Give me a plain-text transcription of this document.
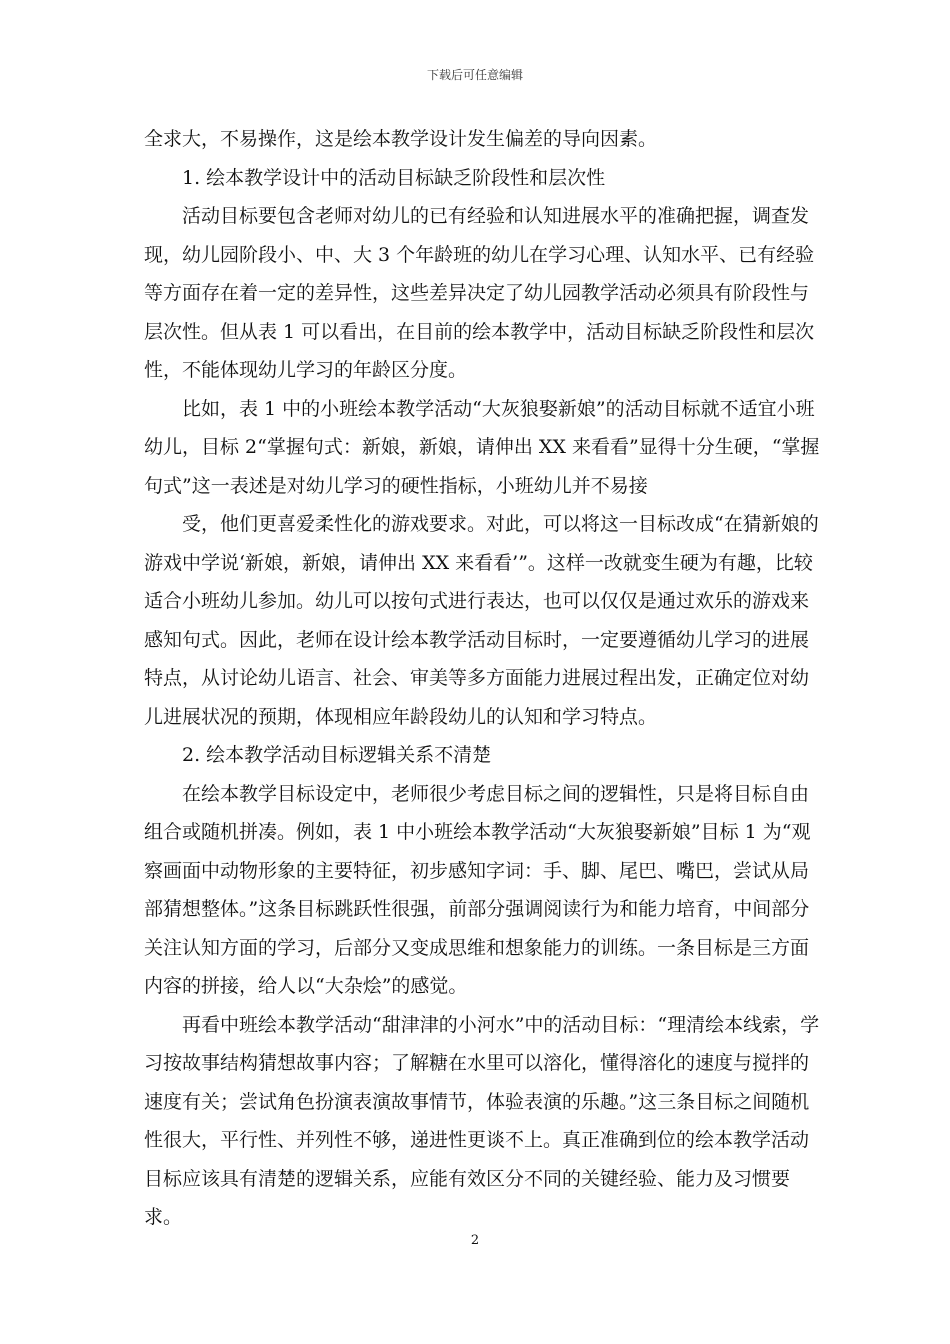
下载后可任意编辑

全求大，不易操作，这是绘本教学设计发生偏差的导向因素。

1. 绘本教学设计中的活动目标缺乏阶段性和层次性

活动目标要包含老师对幼儿的已有经验和认知进展水平的准确把握，调查发现，幼儿园阶段小、中、大 3 个年龄班的幼儿在学习心理、认知水平、已有经验等方面存在着一定的差异性，这些差异决定了幼儿园教学活动必须具有阶段性与层次性。但从表 1 可以看出，在目前的绘本教学中，活动目标缺乏阶段性和层次性，不能体现幼儿学习的年龄区分度。

比如，表 1 中的小班绘本教学活动“大灰狼娶新娘”的活动目标就不适宜小班幼儿，目标 2“掌握句式：新娘，新娘，请伸出 XX 来看看”显得十分生硬，“掌握句式”这一表述是对幼儿学习的硬性指标，小班幼儿并不易接

受，他们更喜爱柔性化的游戏要求。对此，可以将这一目标改成“在猜新娘的游戏中学说‘新娘，新娘，请伸出 XX 来看看’”。这样一改就变生硬为有趣，比较适合小班幼儿参加。幼儿可以按句式进行表达，也可以仅仅是通过欢乐的游戏来感知句式。因此，老师在设计绘本教学活动目标时，一定要遵循幼儿学习的进展特点，从讨论幼儿语言、社会、审美等多方面能力进展过程出发，正确定位对幼儿进展状况的预期，体现相应年龄段幼儿的认知和学习特点。

2. 绘本教学活动目标逻辑关系不清楚

在绘本教学目标设定中，老师很少考虑目标之间的逻辑性，只是将目标自由组合或随机拼凑。例如，表 1 中小班绘本教学活动“大灰狼娶新娘”目标 1 为“观察画面中动物形象的主要特征，初步感知字词：手、脚、尾巴、嘴巴，尝试从局部猜想整体。”这条目标跳跃性很强，前部分强调阅读行为和能力培育，中间部分关注认知方面的学习，后部分又变成思维和想象能力的训练。一条目标是三方面内容的拼接，给人以“大杂烩”的感觉。

再看中班绘本教学活动“甜津津的小河水”中的活动目标：“理清绘本线索，学习按故事结构猜想故事内容；了解糖在水里可以溶化，懂得溶化的速度与搅拌的速度有关；尝试角色扮演表演故事情节，体验表演的乐趣。”这三条目标之间随机性很大，平行性、并列性不够，递进性更谈不上。真正准确到位的绘本教学活动目标应该具有清楚的逻辑关系，应能有效区分不同的关键经验、能力及习惯要求。

2
